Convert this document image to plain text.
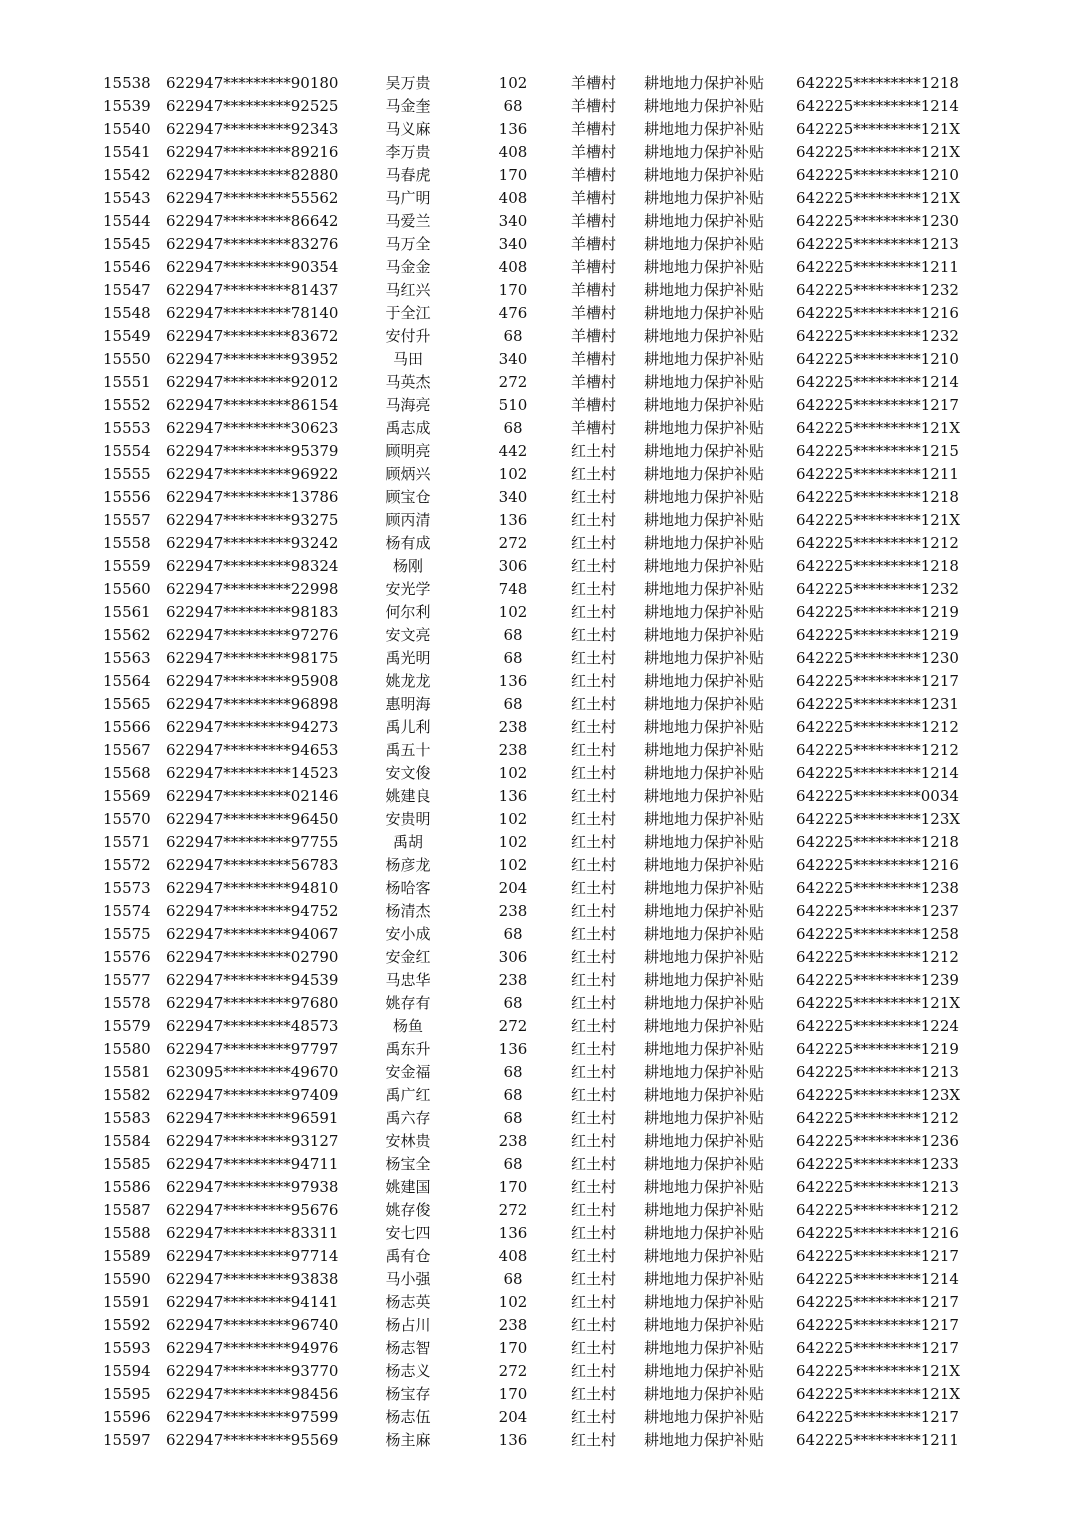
15538 622947*********90180	吴万贵	102	羊槽村 耕地地力保护补贴 642225*********1218
15539 622947*********92525	马金奎	68	羊槽村 耕地地力保护补贴 642225*********1214
15540 622947*********92343	马义麻	136	羊槽村 耕地地力保护补贴 642225*********121X
15541 622947*********89216	李万贵	408	羊槽村 耕地地力保护补贴 642225*********121X
15542 622947*********82880	马春虎	170	羊槽村 耕地地力保护补贴 642225*********1210
15543 622947*********55562	马广明	408	羊槽村 耕地地力保护补贴 642225*********121X
15544 622947*********86642	马爱兰	340	羊槽村 耕地地力保护补贴 642225*********1230
15545 622947*********83276	马万全	340	羊槽村 耕地地力保护补贴 642225*********1213
15546 622947*********90354	马金金	408	羊槽村 耕地地力保护补贴 642225*********1211
15547 622947*********81437	马红兴	170	羊槽村 耕地地力保护补贴 642225*********1232
15548 622947*********78140	于全江	476	羊槽村 耕地地力保护补贴 642225*********1216
15549 622947*********83672	安付升	68	羊槽村 耕地地力保护补贴 642225*********1232
15550 622947*********93952	马田	340	羊槽村 耕地地力保护补贴 642225*********1210
15551 622947*********92012	马英杰	272	羊槽村 耕地地力保护补贴 642225*********1214
15552 622947*********86154	马海亮	510	羊槽村 耕地地力保护补贴 642225*********1217
15553 622947*********30623	禹志成	68	羊槽村 耕地地力保护补贴 642225*********121X
15554 622947*********95379	顾明亮	442	红土村 耕地地力保护补贴 642225*********1215
15555 622947*********96922	顾炳兴	102	红土村 耕地地力保护补贴 642225*********1211
15556 622947*********13786	顾宝仓	340	红土村 耕地地力保护补贴 642225*********1218
15557 622947*********93275	顾丙清	136	红土村 耕地地力保护补贴 642225*********121X
15558 622947*********93242	杨有成	272	红土村 耕地地力保护补贴 642225*********1212
15559 622947*********98324	杨刚	306	红土村 耕地地力保护补贴 642225*********1218
15560 622947*********22998	安光学	748	红土村 耕地地力保护补贴 642225*********1232
15561 622947*********98183	何尔利	102	红土村 耕地地力保护补贴 642225*********1219
15562 622947*********97276	安文亮	68	红土村 耕地地力保护补贴 642225*********1219
15563 622947*********98175	禹光明	68	红土村 耕地地力保护补贴 642225*********1230
15564 622947*********95908	姚龙龙	136	红土村 耕地地力保护补贴 642225*********1217
15565 622947*********96898	惠明海	68	红土村 耕地地力保护补贴 642225*********1231
15566 622947*********94273	禹儿利	238	红土村 耕地地力保护补贴 642225*********1212
15567 622947*********94653	禹五十	238	红土村 耕地地力保护补贴 642225*********1212
15568 622947*********14523	安文俊	102	红土村 耕地地力保护补贴 642225*********1214
15569 622947*********02146	姚建良	136	红土村 耕地地力保护补贴 642225*********0034
15570 622947*********96450	安贵明	102	红土村 耕地地力保护补贴 642225*********123X
15571 622947*********97755	禹胡	102	红土村 耕地地力保护补贴 642225*********1218
15572 622947*********56783	杨彦龙	102	红土村 耕地地力保护补贴 642225*********1216
15573 622947*********94810	杨哈客	204	红土村 耕地地力保护补贴 642225*********1238
15574 622947*********94752	杨清杰	238	红土村 耕地地力保护补贴 642225*********1237
15575 622947*********94067	安小成	68	红土村 耕地地力保护补贴 642225*********1258
15576 622947*********02790	安金红	306	红土村 耕地地力保护补贴 642225*********1212
15577 622947*********94539	马忠华	238	红土村 耕地地力保护补贴 642225*********1239
15578 622947*********97680	姚存有	68	红土村 耕地地力保护补贴 642225*********121X
15579 622947*********48573	杨鱼	272	红土村 耕地地力保护补贴 642225*********1224
15580 622947*********97797	禹东升	136	红土村 耕地地力保护补贴 642225*********1219
15581 623095*********49670	安金福	68	红土村 耕地地力保护补贴 642225*********1213
15582 622947*********97409	禹广红	68	红土村 耕地地力保护补贴 642225*********123X
15583 622947*********96591	禹六存	68	红土村 耕地地力保护补贴 642225*********1212
15584 622947*********93127	安林贵	238	红土村 耕地地力保护补贴 642225*********1236
15585 622947*********94711	杨宝全	68	红土村 耕地地力保护补贴 642225*********1233
15586 622947*********97938	姚建国	170	红土村 耕地地力保护补贴 642225*********1213
15587 622947*********95676	姚存俊	272	红土村 耕地地力保护补贴 642225*********1212
15588 622947*********83311	安七四	136	红土村 耕地地力保护补贴 642225*********1216
15589 622947*********97714	禹有仓	408	红土村 耕地地力保护补贴 642225*********1217
15590 622947*********93838	马小强	68	红土村 耕地地力保护补贴 642225*********1214
15591 622947*********94141	杨志英	102	红土村 耕地地力保护补贴 642225*********1217
15592 622947*********96740	杨占川	238	红土村 耕地地力保护补贴 642225*********1217
15593 622947*********94976	杨志智	170	红土村 耕地地力保护补贴 642225*********1217
15594 622947*********93770	杨志义	272	红土村 耕地地力保护补贴 642225*********121X
15595 622947*********98456	杨宝存	170	红土村 耕地地力保护补贴 642225*********121X
15596 622947*********97599	杨志伍	204	红土村 耕地地力保护补贴 642225*********1217
15597 622947*********95569	杨主麻	136	红土村 耕地地力保护补贴 642225*********1211
